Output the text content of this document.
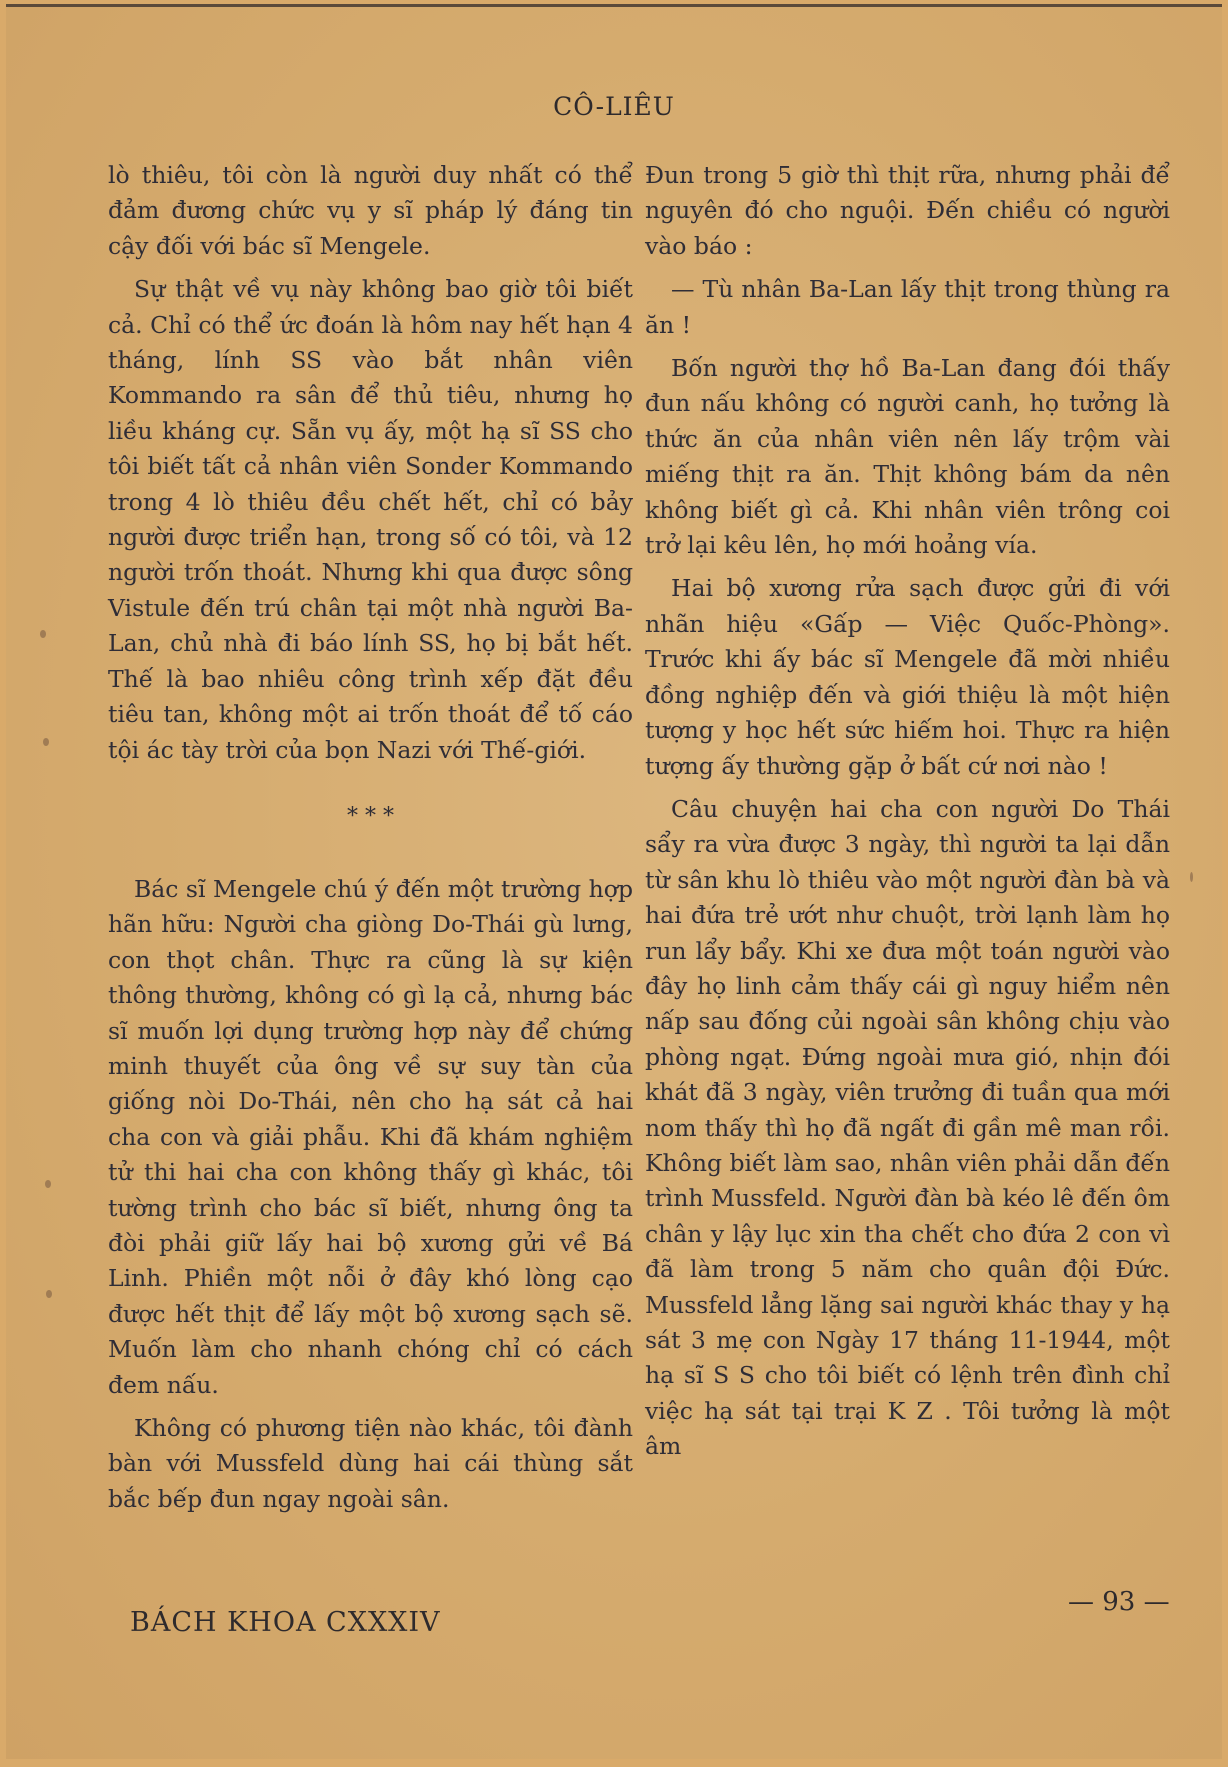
CÔ-LIÊU

lò thiêu, tôi còn là người duy nhất có thể đảm đương chức vụ y sĩ pháp lý đáng tin cậy đối với bác sĩ Mengele.

Sự thật về vụ này không bao giờ tôi biết cả. Chỉ có thể ức đoán là hôm nay hết hạn 4 tháng, lính SS vào bắt nhân viên Kommando ra sân để thủ tiêu, nhưng họ liều kháng cự. Sẵn vụ ấy, một hạ sĩ SS cho tôi biết tất cả nhân viên Sonder Kommando trong 4 lò thiêu đều chết hết, chỉ có bảy người được triển hạn, trong số có tôi, và 12 người trốn thoát. Nhưng khi qua được sông Vistule đến trú chân tại một nhà người Ba-Lan, chủ nhà đi báo lính SS, họ bị bắt hết. Thế là bao nhiêu công trình xếp đặt đều tiêu tan, không một ai trốn thoát để tố cáo tội ác tày trời của bọn Nazi với Thế-giới.

* * *

Bác sĩ Mengele chú ý đến một trường hợp hãn hữu: Người cha giòng Do-Thái gù lưng, con thọt chân. Thực ra cũng là sự kiện thông thường, không có gì lạ cả, nhưng bác sĩ muốn lợi dụng trường hợp này để chứng minh thuyết của ông về sự suy tàn của giống nòi Do-Thái, nên cho hạ sát cả hai cha con và giải phẫu. Khi đã khám nghiệm tử thi hai cha con không thấy gì khác, tôi tường trình cho bác sĩ biết, nhưng ông ta đòi phải giữ lấy hai bộ xương gửi về Bá Linh. Phiền một nỗi ở đây khó lòng cạo được hết thịt để lấy một bộ xương sạch sẽ. Muốn làm cho nhanh chóng chỉ có cách đem nấu.

Không có phương tiện nào khác, tôi đành bàn với Mussfeld dùng hai cái thùng sắt bắc bếp đun ngay ngoài sân.

Đun trong 5 giờ thì thịt rữa, nhưng phải để nguyên đó cho nguội. Đến chiều có người vào báo :

— Tù nhân Ba-Lan lấy thịt trong thùng ra ăn !

Bốn người thợ hồ Ba-Lan đang đói thấy đun nấu không có người canh, họ tưởng là thức ăn của nhân viên nên lấy trộm vài miếng thịt ra ăn. Thịt không bám da nên không biết gì cả. Khi nhân viên trông coi trở lại kêu lên, họ mới hoảng vía.

Hai bộ xương rửa sạch được gửi đi với nhãn hiệu «Gấp — Việc Quốc-Phòng». Trước khi ấy bác sĩ Mengele đã mời nhiều đồng nghiệp đến và giới thiệu là một hiện tượng y học hết sức hiếm hoi. Thực ra hiện tượng ấy thường gặp ở bất cứ nơi nào !

Câu chuyện hai cha con người Do Thái sẩy ra vừa được 3 ngày, thì người ta lại dẫn từ sân khu lò thiêu vào một người đàn bà và hai đứa trẻ ướt như chuột, trời lạnh làm họ run lẩy bẩy. Khi xe đưa một toán người vào đây họ linh cảm thấy cái gì nguy hiểm nên nấp sau đống củi ngoài sân không chịu vào phòng ngạt. Đứng ngoài mưa gió, nhịn đói khát đã 3 ngày, viên trưởng đi tuần qua mới nom thấy thì họ đã ngất đi gần mê man rồi. Không biết làm sao, nhân viên phải dẫn đến trình Mussfeld. Người đàn bà kéo lê đến ôm chân y lậy lục xin tha chết cho đứa 2 con vì đã làm trong 5 năm cho quân đội Đức. Mussfeld lẳng lặng sai người khác thay y hạ sát 3 mẹ con Ngày 17 tháng 11-1944, một hạ sĩ S S cho tôi biết có lệnh trên đình chỉ việc hạ sát tại trại K Z . Tôi tưởng là một âm

BÁCH KHOA CXXXIV
— 93 —
